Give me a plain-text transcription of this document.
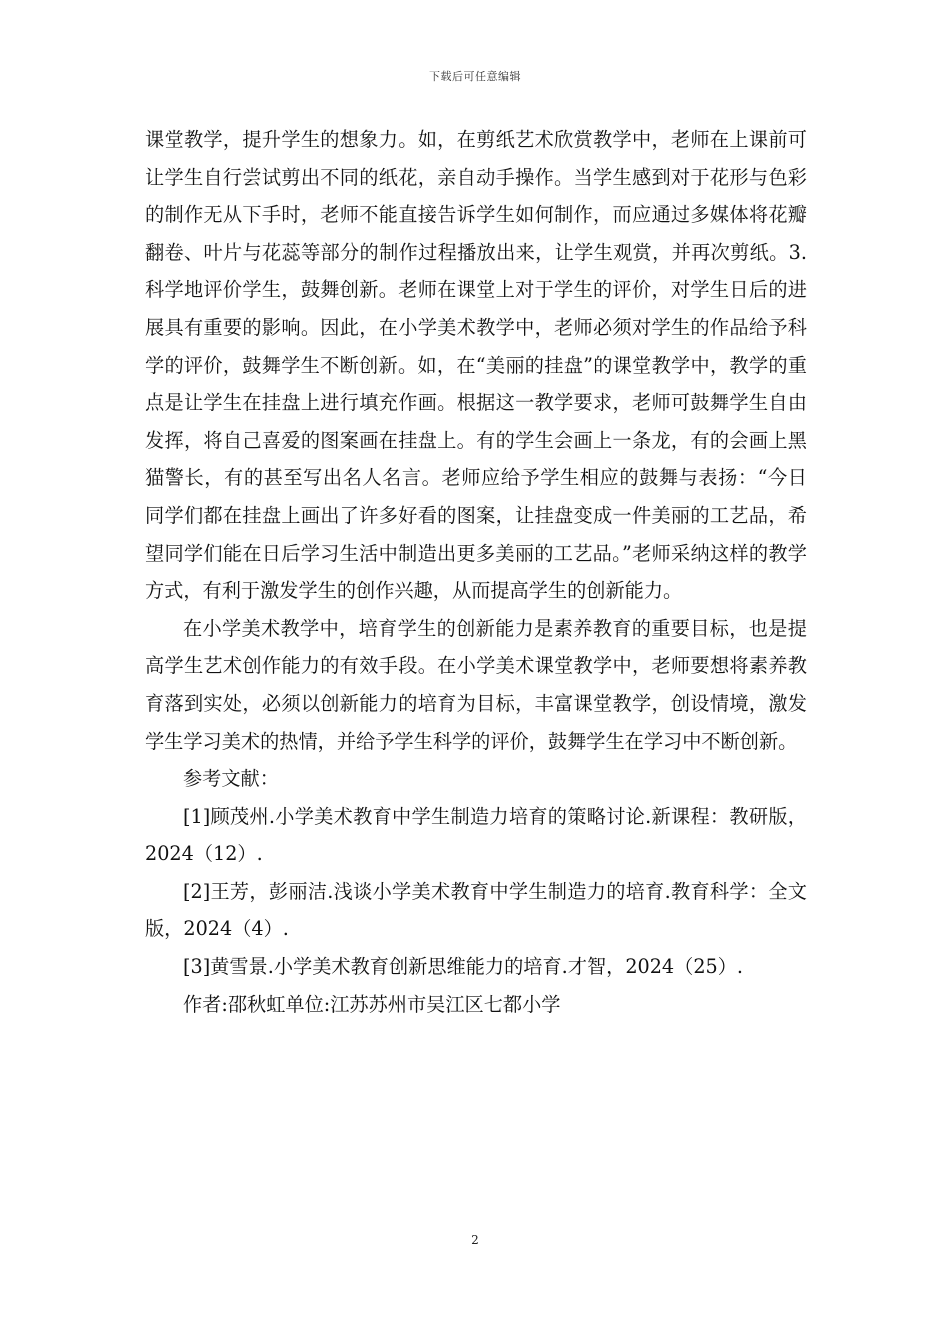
下载后可任意编辑

课堂教学，提升学生的想象力。如，在剪纸艺术欣赏教学中，老师在上课前可让学生自行尝试剪出不同的纸花，亲自动手操作。当学生感到对于花形与色彩的制作无从下手时，老师不能直接告诉学生如何制作，而应通过多媒体将花瓣翻卷、叶片与花蕊等部分的制作过程播放出来，让学生观赏，并再次剪纸。3.科学地评价学生，鼓舞创新。老师在课堂上对于学生的评价，对学生日后的进展具有重要的影响。因此，在小学美术教学中，老师必须对学生的作品给予科学的评价，鼓舞学生不断创新。如，在“美丽的挂盘”的课堂教学中，教学的重点是让学生在挂盘上进行填充作画。根据这一教学要求，老师可鼓舞学生自由发挥，将自己喜爱的图案画在挂盘上。有的学生会画上一条龙，有的会画上黑猫警长，有的甚至写出名人名言。老师应给予学生相应的鼓舞与表扬：“今日同学们都在挂盘上画出了许多好看的图案，让挂盘变成一件美丽的工艺品，希望同学们能在日后学习生活中制造出更多美丽的工艺品。”老师采纳这样的教学方式，有利于激发学生的创作兴趣，从而提高学生的创新能力。

在小学美术教学中，培育学生的创新能力是素养教育的重要目标，也是提高学生艺术创作能力的有效手段。在小学美术课堂教学中，老师要想将素养教育落到实处，必须以创新能力的培育为目标，丰富课堂教学，创设情境，激发学生学习美术的热情，并给予学生科学的评价，鼓舞学生在学习中不断创新。

参考文献：

[1]顾茂州.小学美术教育中学生制造力培育的策略讨论.新课程：教研版，2024（12）.

[2]王芳，彭丽洁.浅谈小学美术教育中学生制造力的培育.教育科学：全文版，2024（4）.

[3]黄雪景.小学美术教育创新思维能力的培育.才智，2024（25）.

作者:邵秋虹单位:江苏苏州市吴江区七都小学

2
